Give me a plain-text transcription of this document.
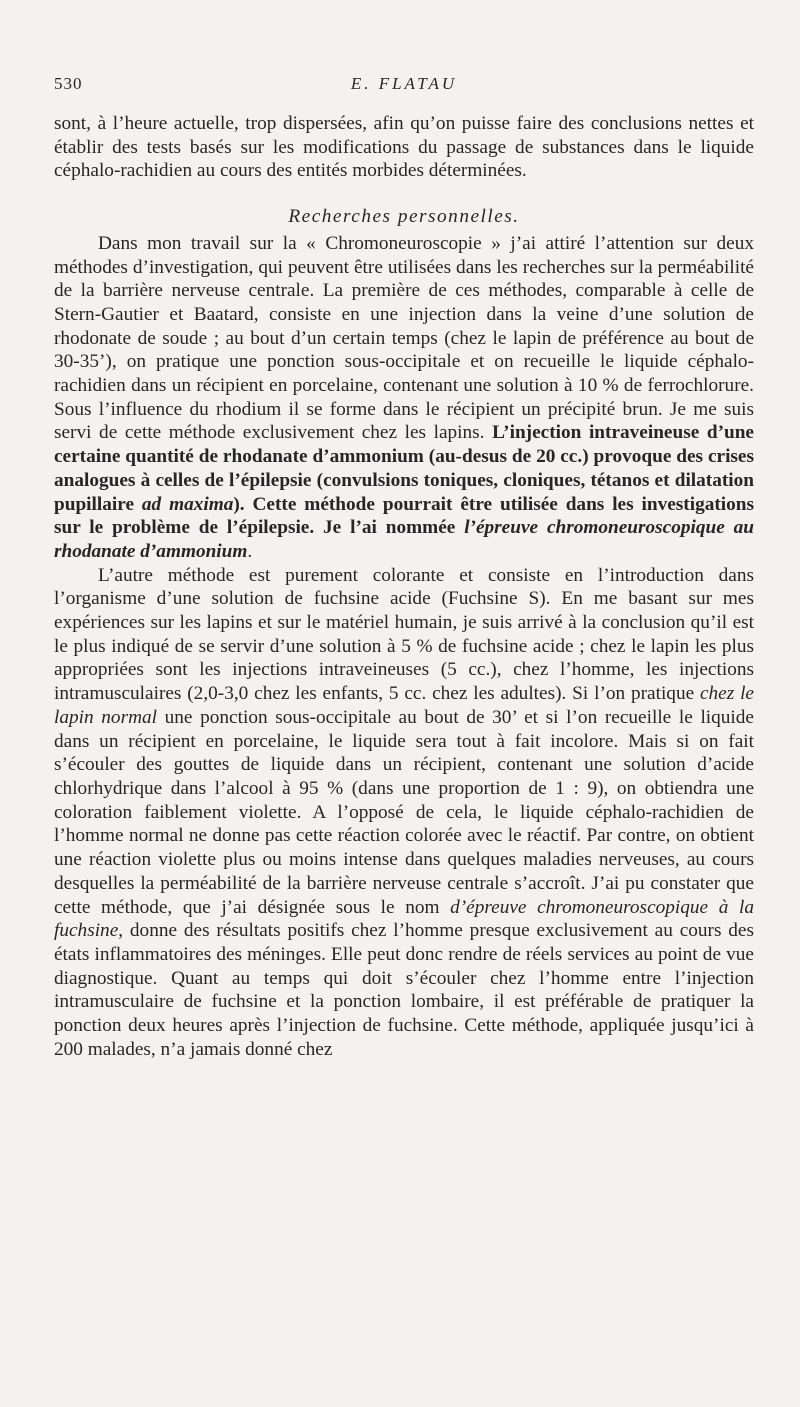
530	E. FLATAU

sont, à l’heure actuelle, trop dispersées, afin qu’on puisse faire des conclusions nettes et établir des tests basés sur les modifications du passage de substances dans le liquide céphalo-rachidien au cours des entités morbides déterminées.

Recherches personnelles.

Dans mon travail sur la « Chromoneuroscopie » j’ai attiré l’attention sur deux méthodes d’investigation, qui peuvent être utilisées dans les recherches sur la perméabilité de la barrière nerveuse centrale. La première de ces méthodes, comparable à celle de Stern-Gautier et Baatard, consiste en une injection dans la veine d’une solution de rhodonate de soude ; au bout d’un certain temps (chez le lapin de préférence au bout de 30-35’), on pratique une ponction sous-occipitale et on recueille le liquide céphalo-rachidien dans un récipient en porcelaine, contenant une solution à 10 % de ferrochlorure. Sous l’influence du rhodium il se forme dans le récipient un précipité brun. Je me suis servi de cette méthode exclusivement chez les lapins. L’injection intraveineuse d’une certaine quantité de rhodanate d’ammonium (au-desus de 20 cc.) provoque des crises analogues à celles de l’épilepsie (convulsions toniques, cloniques, tétanos et dilatation pupillaire ad maxima). Cette méthode pourrait être utilisée dans les investigations sur le problème de l’épilepsie. Je l’ai nommée l’épreuve chromoneuroscopique au rhodanate d’ammonium.

L’autre méthode est purement colorante et consiste en l’introduction dans l’organisme d’une solution de fuchsine acide (Fuchsine S). En me basant sur mes expériences sur les lapins et sur le matériel humain, je suis arrivé à la conclusion qu’il est le plus indiqué de se servir d’une solution à 5 % de fuchsine acide ; chez le lapin les plus appropriées sont les injections intraveineuses (5 cc.), chez l’homme, les injections intramusculaires (2,0-3,0 chez les enfants, 5 cc. chez les adultes). Si l’on pratique chez le lapin normal une ponction sous-occipitale au bout de 30’ et si l’on recueille le liquide dans un récipient en porcelaine, le liquide sera tout à fait incolore. Mais si on fait s’écouler des gouttes de liquide dans un récipient, contenant une solution d’acide chlorhydrique dans l’alcool à 95 % (dans une proportion de 1 : 9), on obtiendra une coloration faiblement violette. A l’opposé de cela, le liquide céphalo-rachidien de l’homme normal ne donne pas cette réaction colorée avec le réactif. Par contre, on obtient une réaction violette plus ou moins intense dans quelques maladies nerveuses, au cours desquelles la perméabilité de la barrière nerveuse centrale s’accroît. J’ai pu constater que cette méthode, que j’ai désignée sous le nom d’épreuve chromoneuroscopique à la fuchsine, donne des résultats positifs chez l’homme presque exclusivement au cours des états inflammatoires des méninges. Elle peut donc rendre de réels services au point de vue diagnostique. Quant au temps qui doit s’écouler chez l’homme entre l’injection intramusculaire de fuchsine et la ponction lombaire, il est préférable de pratiquer la ponction deux heures après l’injection de fuchsine. Cette méthode, appliquée jusqu’ici à 200 malades, n’a jamais donné chez
